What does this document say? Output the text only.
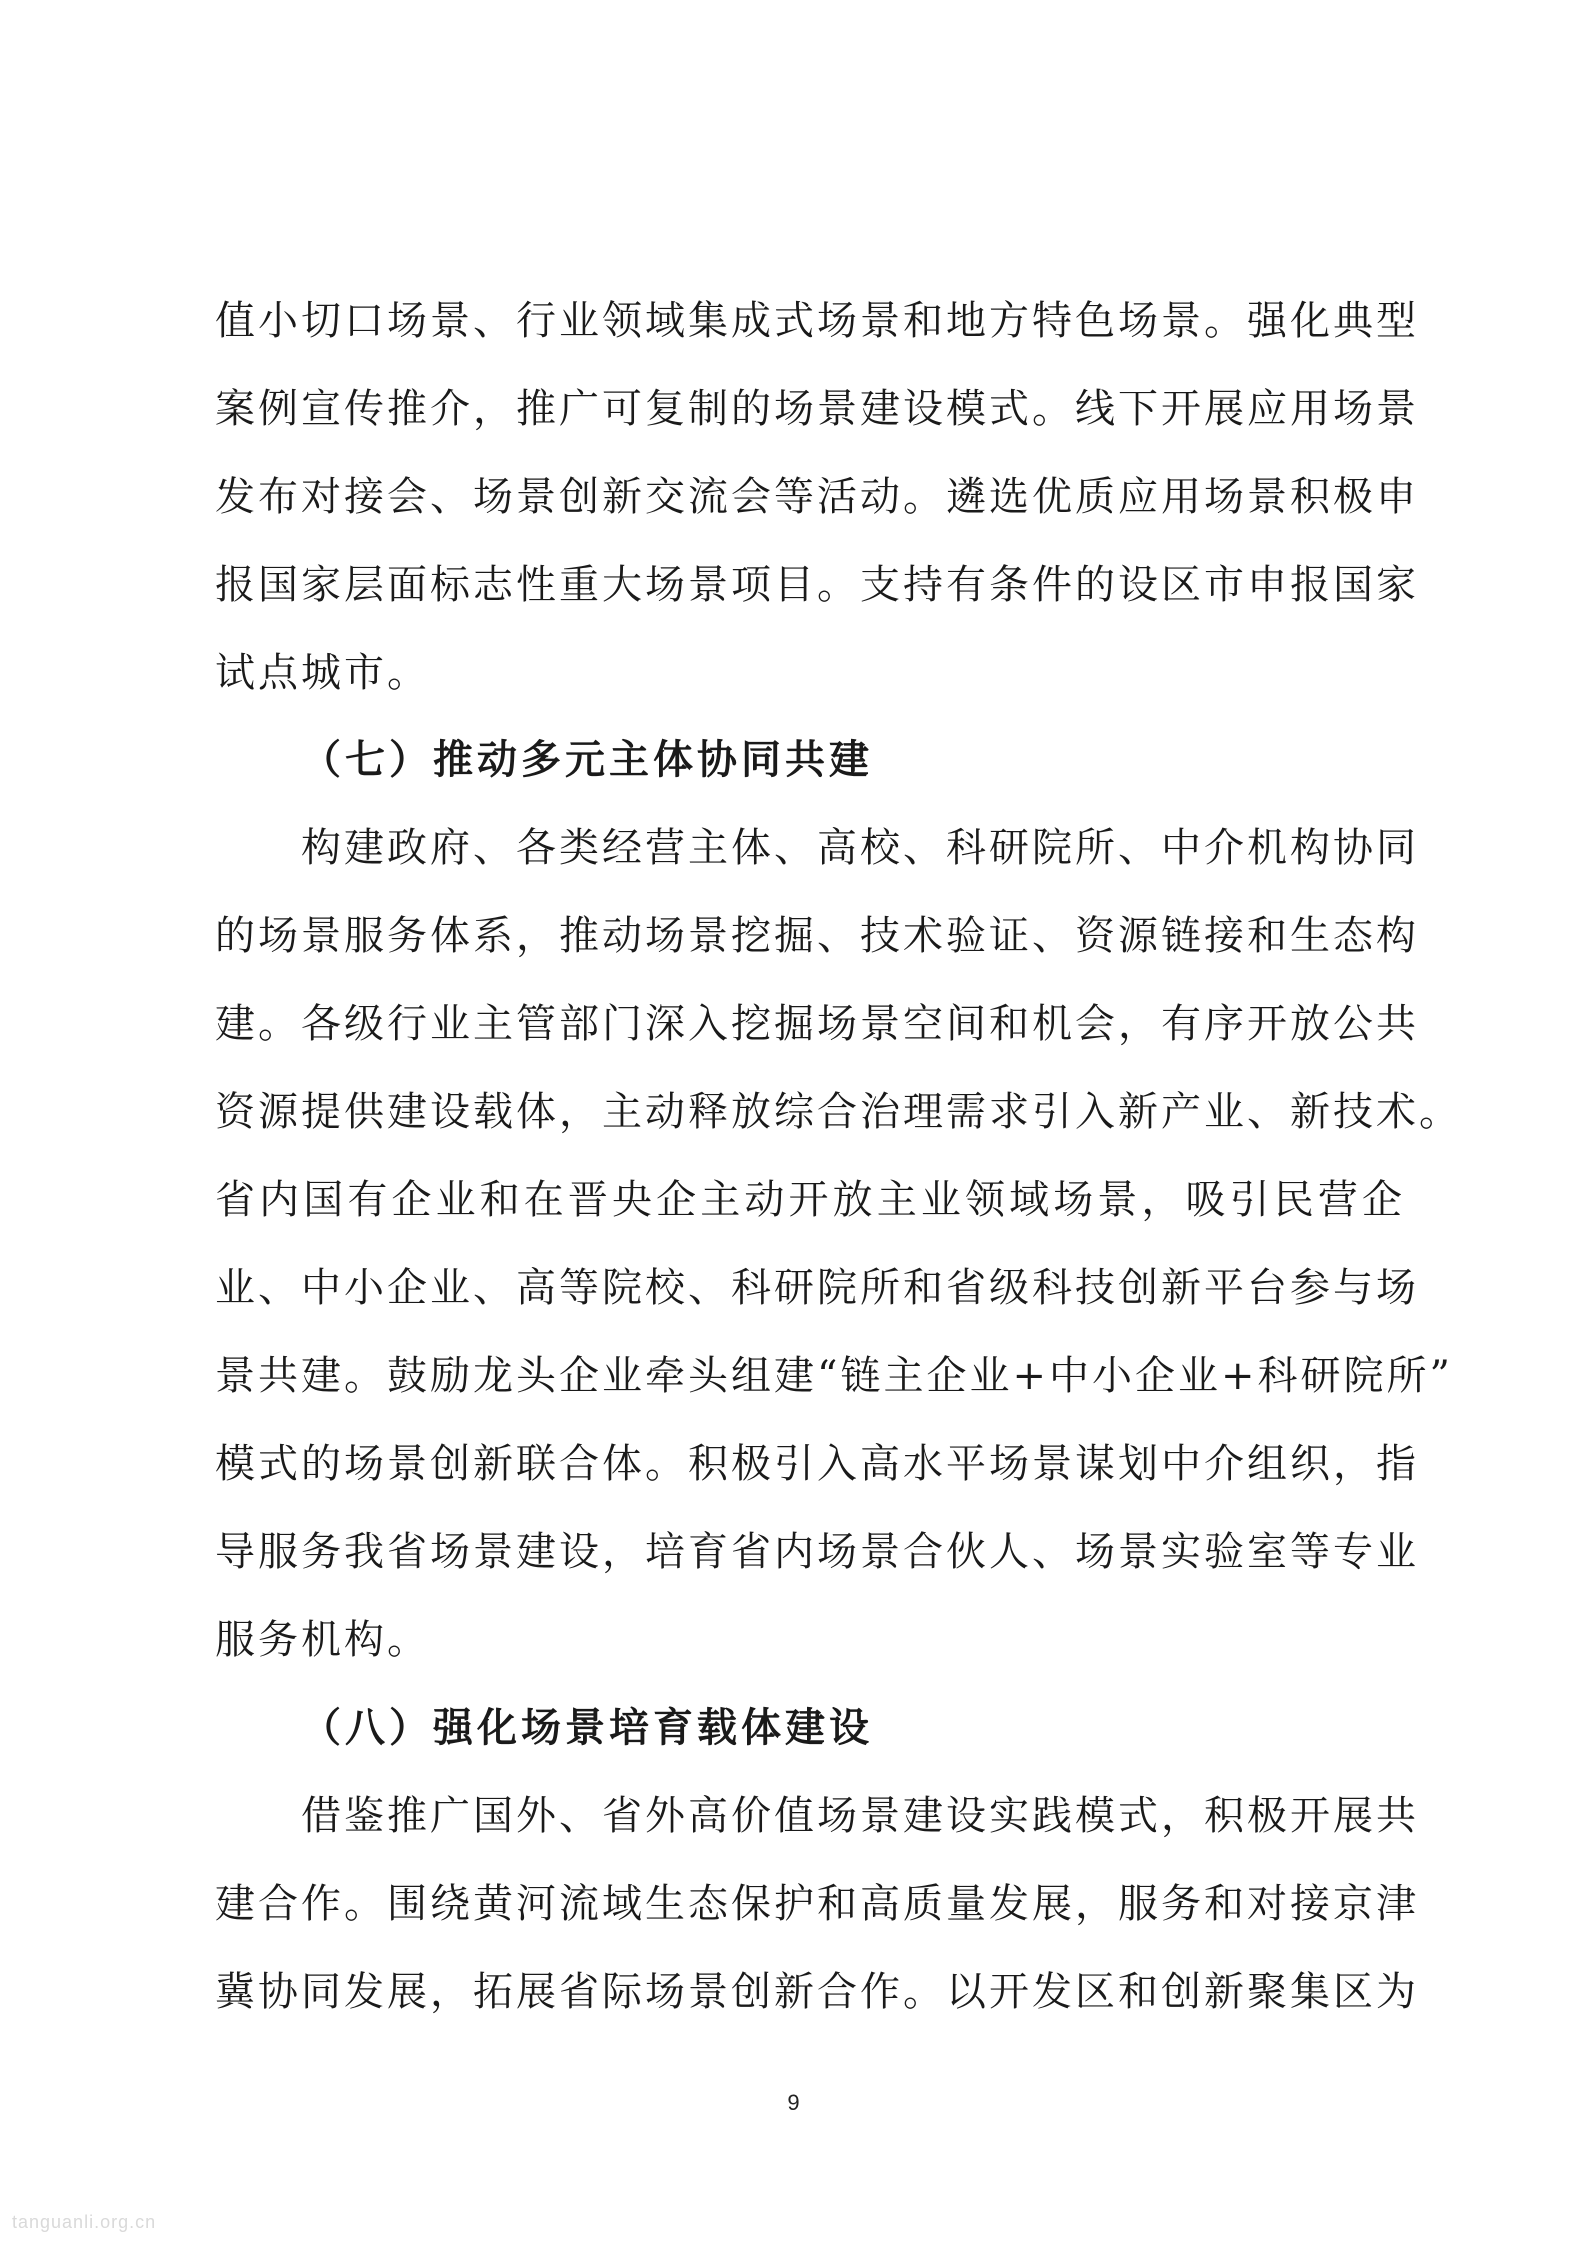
值小切口场景、行业领域集成式场景和地方特色场景。强化典型
案例宣传推介，推广可复制的场景建设模式。线下开展应用场景
发布对接会、场景创新交流会等活动。遴选优质应用场景积极申
报国家层面标志性重大场景项目。支持有条件的设区市申报国家
试点城市。
（七）推动多元主体协同共建
构建政府、各类经营主体、高校、科研院所、中介机构协同
的场景服务体系，推动场景挖掘、技术验证、资源链接和生态构
建。各级行业主管部门深入挖掘场景空间和机会，有序开放公共
资源提供建设载体，主动释放综合治理需求引入新产业、新技术。
省内国有企业和在晋央企主动开放主业领域场景，吸引民营企
业、中小企业、高等院校、科研院所和省级科技创新平台参与场
景共建。鼓励龙头企业牵头组建“链主企业+中小企业+科研院所”
模式的场景创新联合体。积极引入高水平场景谋划中介组织，指
导服务我省场景建设，培育省内场景合伙人、场景实验室等专业
服务机构。
（八）强化场景培育载体建设
借鉴推广国外、省外高价值场景建设实践模式，积极开展共
建合作。围绕黄河流域生态保护和高质量发展，服务和对接京津
冀协同发展，拓展省际场景创新合作。以开发区和创新聚集区为
9
tanguanli.org.cn
